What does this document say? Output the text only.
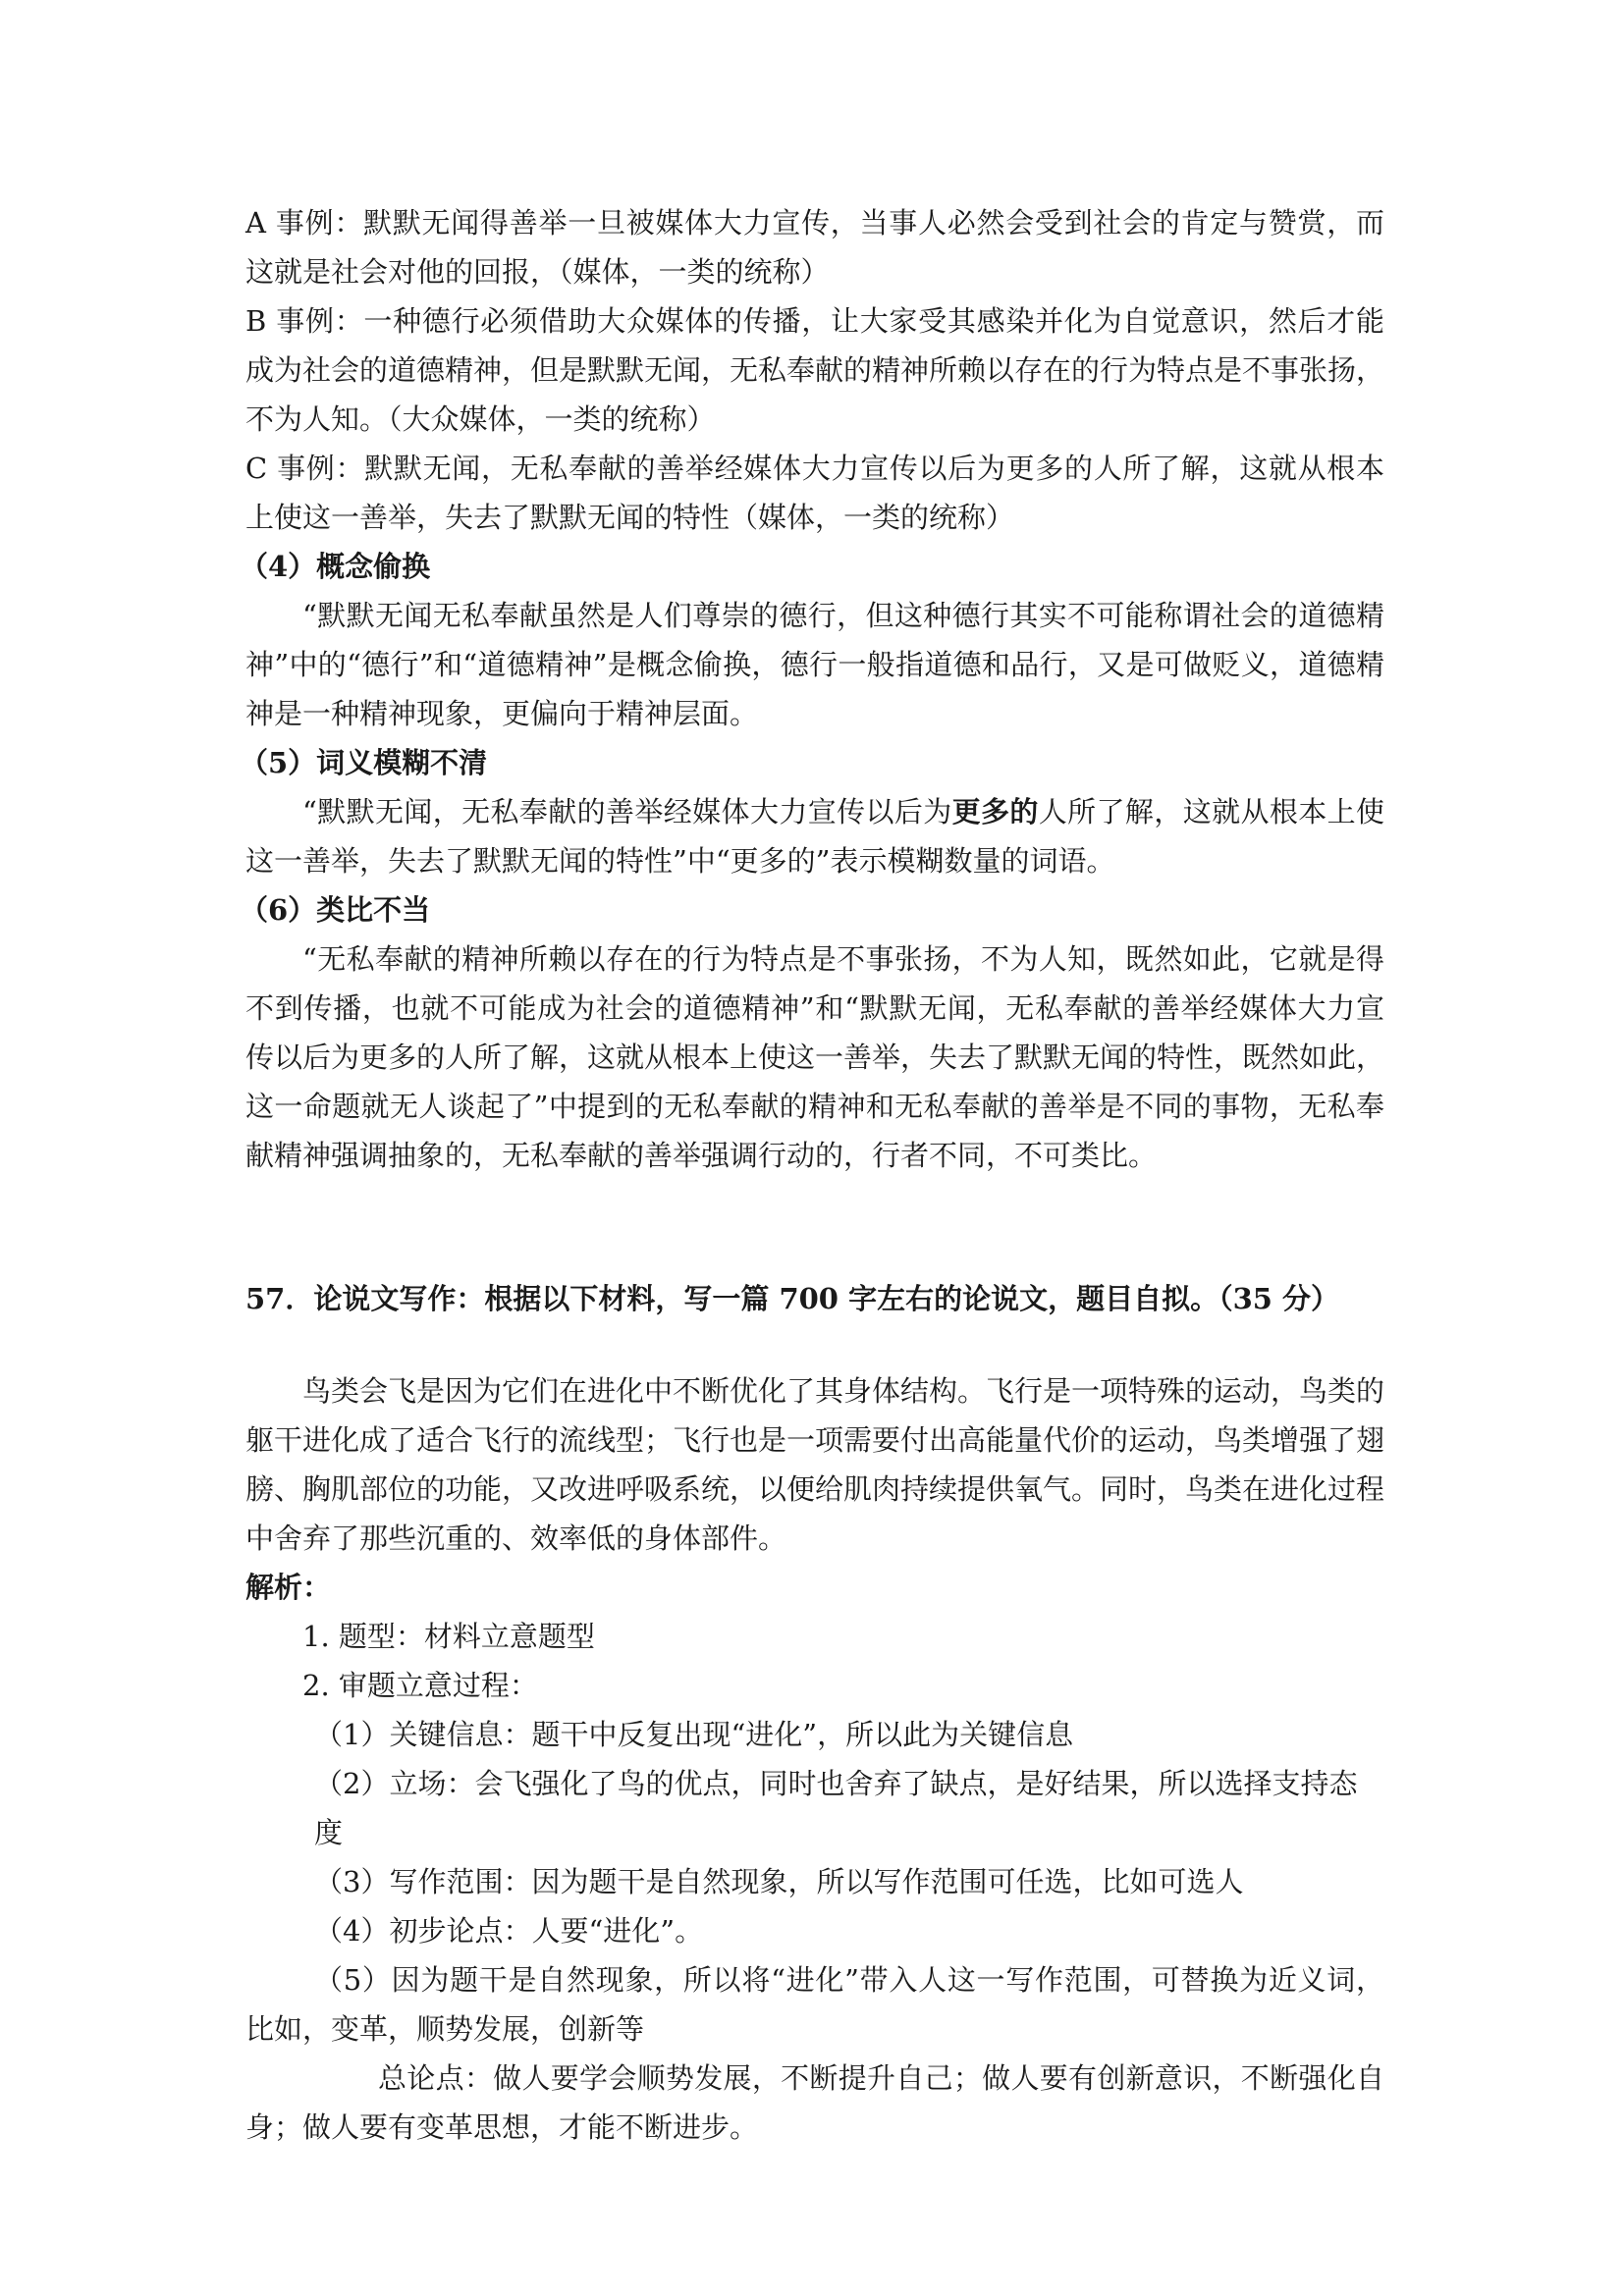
A 事例：默默无闻得善举一旦被媒体大力宣传，当事人必然会受到社会的肯定与赞赏，而这就是社会对他的回报，（媒体，一类的统称）

B 事例：一种德行必须借助大众媒体的传播，让大家受其感染并化为自觉意识，然后才能成为社会的道德精神，但是默默无闻，无私奉献的精神所赖以存在的行为特点是不事张扬，不为人知。（大众媒体，一类的统称）

C 事例：默默无闻，无私奉献的善举经媒体大力宣传以后为更多的人所了解，这就从根本上使这一善举，失去了默默无闻的特性（媒体，一类的统称）

（4）概念偷换

“默默无闻无私奉献虽然是人们尊崇的德行，但这种德行其实不可能称谓社会的道德精神”中的“德行”和“道德精神”是概念偷换，德行一般指道德和品行，又是可做贬义，道德精神是一种精神现象，更偏向于精神层面。

（5）词义模糊不清

“默默无闻，无私奉献的善举经媒体大力宣传以后为更多的人所了解，这就从根本上使这一善举，失去了默默无闻的特性”中“更多的”表示模糊数量的词语。

（6）类比不当

“无私奉献的精神所赖以存在的行为特点是不事张扬，不为人知，既然如此，它就是得不到传播，也就不可能成为社会的道德精神”和“默默无闻，无私奉献的善举经媒体大力宣传以后为更多的人所了解，这就从根本上使这一善举，失去了默默无闻的特性，既然如此，这一命题就无人谈起了”中提到的无私奉献的精神和无私奉献的善举是不同的事物，无私奉献精神强调抽象的，无私奉献的善举强调行动的，行者不同，不可类比。

57．论说文写作：根据以下材料，写一篇 700 字左右的论说文，题目自拟。（35 分）

鸟类会飞是因为它们在进化中不断优化了其身体结构。飞行是一项特殊的运动，鸟类的躯干进化成了适合飞行的流线型；飞行也是一项需要付出高能量代价的运动，鸟类增强了翅膀、胸肌部位的功能，又改进呼吸系统，以便给肌肉持续提供氧气。同时，鸟类在进化过程中舍弃了那些沉重的、效率低的身体部件。

解析：

1. 题型：材料立意题型

2. 审题立意过程：

（1）关键信息：题干中反复出现“进化”，所以此为关键信息

（2）立场：会飞强化了鸟的优点，同时也舍弃了缺点，是好结果，所以选择支持态度

（3）写作范围：因为题干是自然现象，所以写作范围可任选，比如可选人

（4）初步论点：人要“进化”。

（5）因为题干是自然现象，所以将“进化”带入人这一写作范围，可替换为近义词，比如，变革，顺势发展，创新等

总论点：做人要学会顺势发展，不断提升自己；做人要有创新意识，不断强化自身；做人要有变革思想，才能不断进步。
